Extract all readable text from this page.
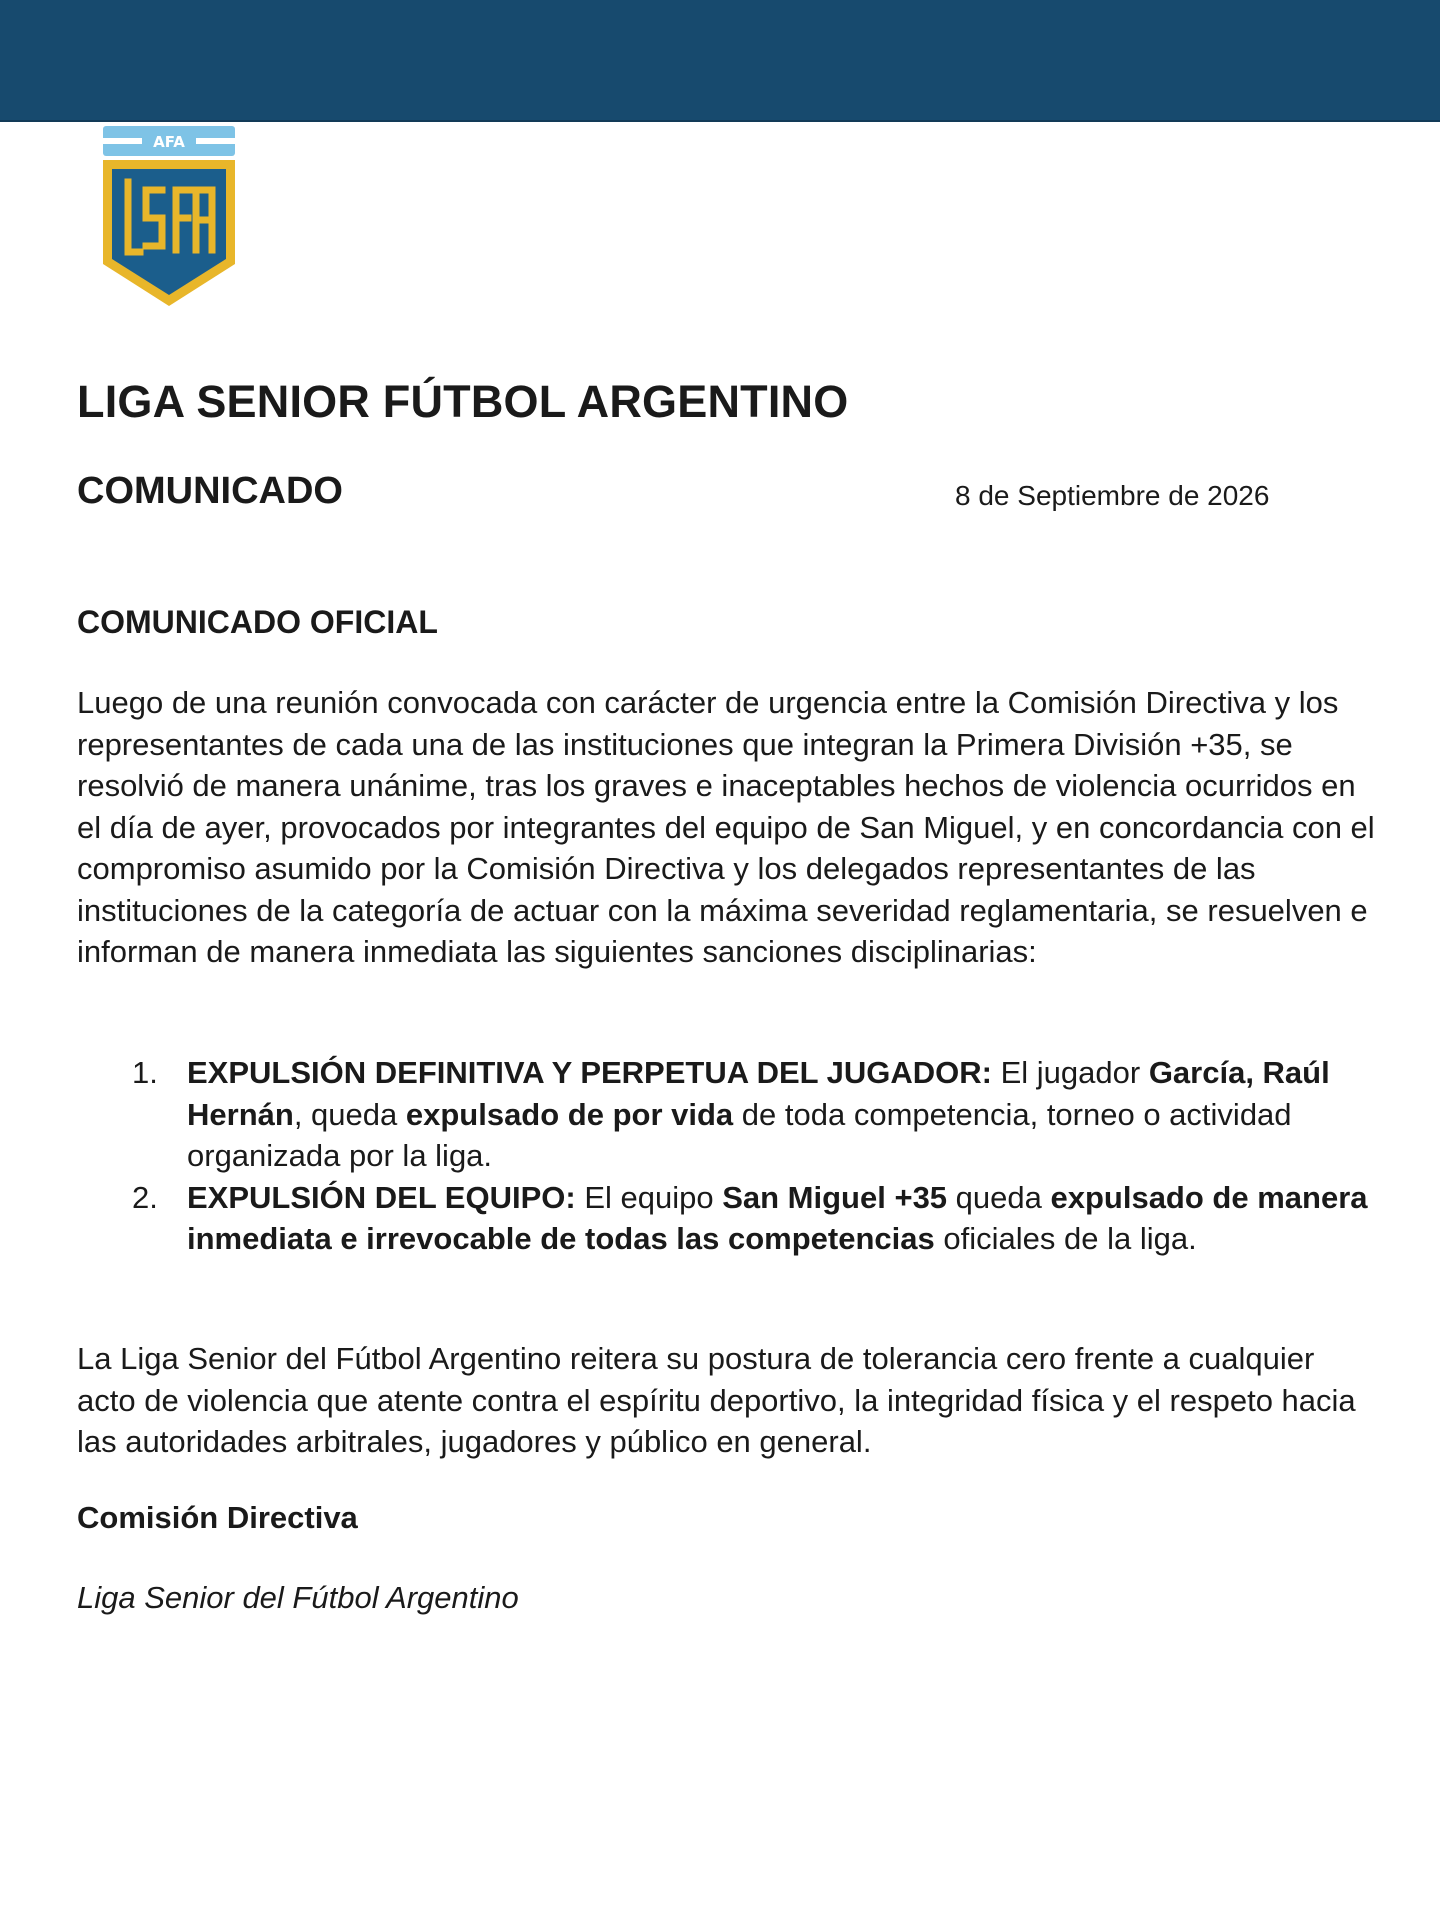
AFA
LIGA SENIOR FÚTBOL ARGENTINO
COMUNICADO	8 de Septiembre de 2026

COMUNICADO OFICIAL

Luego de una reunión convocada con carácter de urgencia entre la Comisión Directiva y los representantes de cada una de las instituciones que integran la Primera División +35, se resolvió de manera unánime, tras los graves e inaceptables hechos de violencia ocurridos en el día de ayer, provocados por integrantes del equipo de San Miguel, y en concordancia con el compromiso asumido por la Comisión Directiva y los delegados representantes de las instituciones de la categoría de actuar con la máxima severidad reglamentaria, se resuelven e informan de manera inmediata las siguientes sanciones disciplinarias:

1. EXPULSIÓN DEFINITIVA Y PERPETUA DEL JUGADOR: El jugador García, Raúl Hernán, queda expulsado de por vida de toda competencia, torneo o actividad organizada por la liga.
2. EXPULSIÓN DEL EQUIPO: El equipo San Miguel +35 queda expulsado de manera inmediata e irrevocable de todas las competencias oficiales de la liga.

La Liga Senior del Fútbol Argentino reitera su postura de tolerancia cero frente a cualquier acto de violencia que atente contra el espíritu deportivo, la integridad física y el respeto hacia las autoridades arbitrales, jugadores y público en general.

Comisión Directiva

Liga Senior del Fútbol Argentino
